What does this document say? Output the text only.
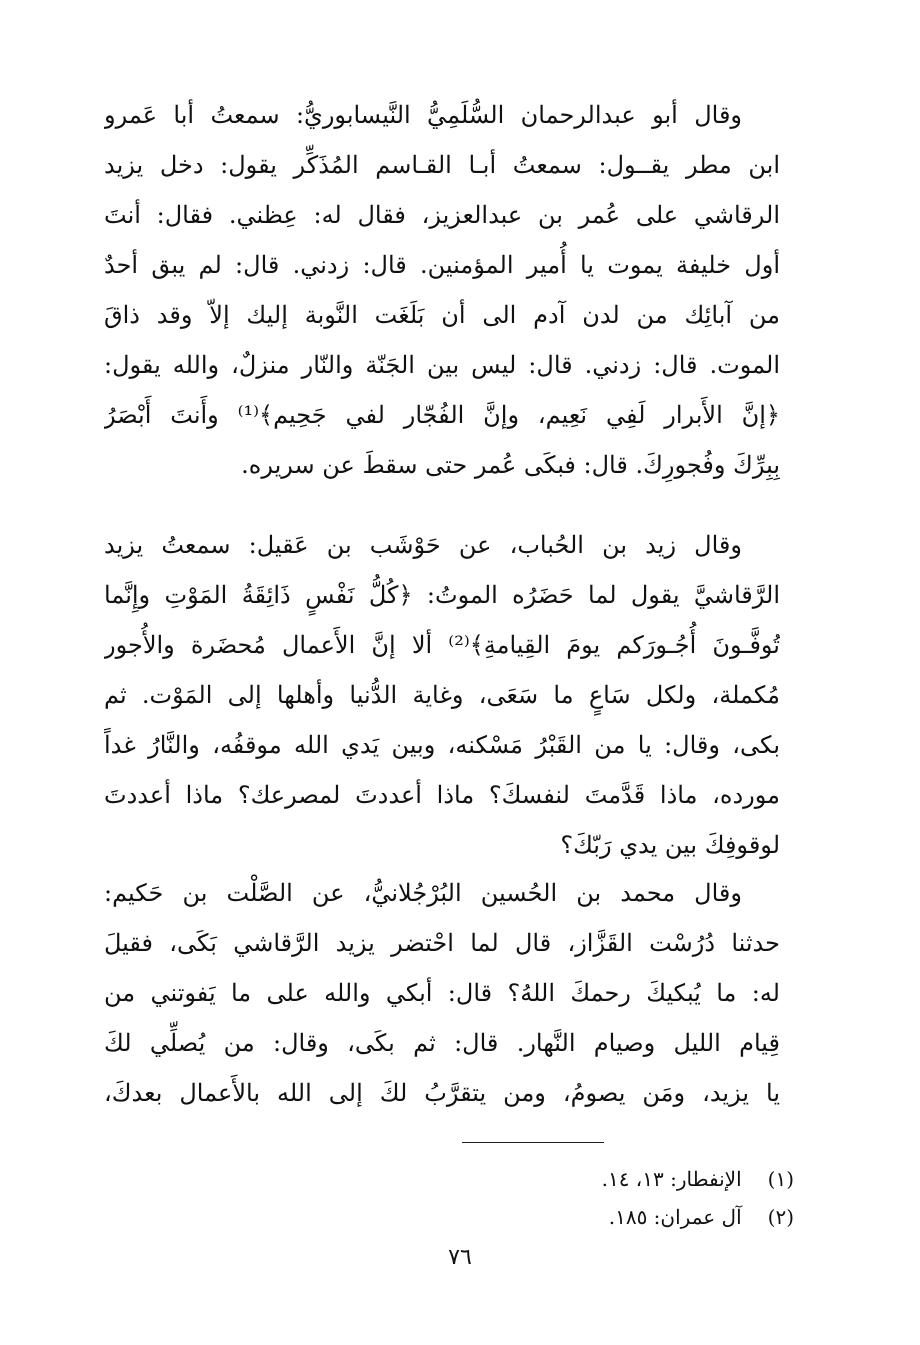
وقال أبو عبدالرحمان السُّلَمِيُّ النَّيسابوريُّ: سمعتُ أبا عَمرو
ابن مطر يقــول: سمعتُ أبـا القـاسم المُذَكِّر يقول: دخل يزيد
الرقاشي على عُمر بن عبدالعزيز، فقال له: عِظني. فقال: أنتَ
أول خليفة يموت يا أُمير المؤمنين. قال: زدني. قال: لم يبق أحدٌ
من آبائِك من لدن آدم الى أن بَلَغَت النَّوبة إليك إلاّ وقد ذاقَ
الموت. قال: زدني. قال: ليس بين الجَنّة والنّار منزلٌ، والله يقول:
﴿إنَّ الأَبرار لَفِي نَعِيم، وإنَّ الفُجّار لفي جَحِيم﴾⁽¹⁾ وأَنتَ أَبْصَرُ
بِبِرِّكَ وفُجورِكَ. قال: فبكَى عُمر حتى سقطَ عن سريره.
وقال زيد بن الحُباب، عن حَوْشَب بن عَقيل: سمعتُ يزيد
الرَّقاشيَّ يقول لما حَضَرُه الموتُ: ﴿كُلُّ نَفْسٍ ذَائِقَةُ المَوْتِ وإِنَّما
تُوفَّـونَ أُجُـورَكم يومَ القِيامةِ﴾⁽²⁾ ألا إنَّ الأَعمال مُحضَرة والأُجور
مُكملة، ولكل سَاعٍ ما سَعَى، وغاية الدُّنيا وأهلها إلى المَوْت. ثم
بكى، وقال: يا من القَبْرُ مَسْكنه، وبين يَدي الله موقفُه، والنَّارُ غداً
مورده، ماذا قَدَّمتَ لنفسكَ؟ ماذا أعددتَ لمصرعك؟ ماذا أعددتَ
لوقوفِكَ بين يدي رَبّكَ؟
وقال محمد بن الحُسين البُرْجُلانيُّ، عن الصَّلْت بن حَكيم:
حدثنا دُرُسْت القَزَّاز، قال لما احْتضر يزيد الرَّقاشي بَكَى، فقيلَ
له: ما يُبكيكَ رحمكَ اللهُ؟ قال: أبكي والله على ما يَفوتني من
قِيام الليل وصيام النَّهار. قال: ثم بكَى، وقال: من يُصلِّي لكَ
يا يزيد، ومَن يصومُ، ومن يتقرَّبُ لكَ إلى الله بالأَعمال بعدكَ،
(١) الإنفطار: ١٣، ١٤.
(٢) آل عمران: ١٨٥.
٧٦
